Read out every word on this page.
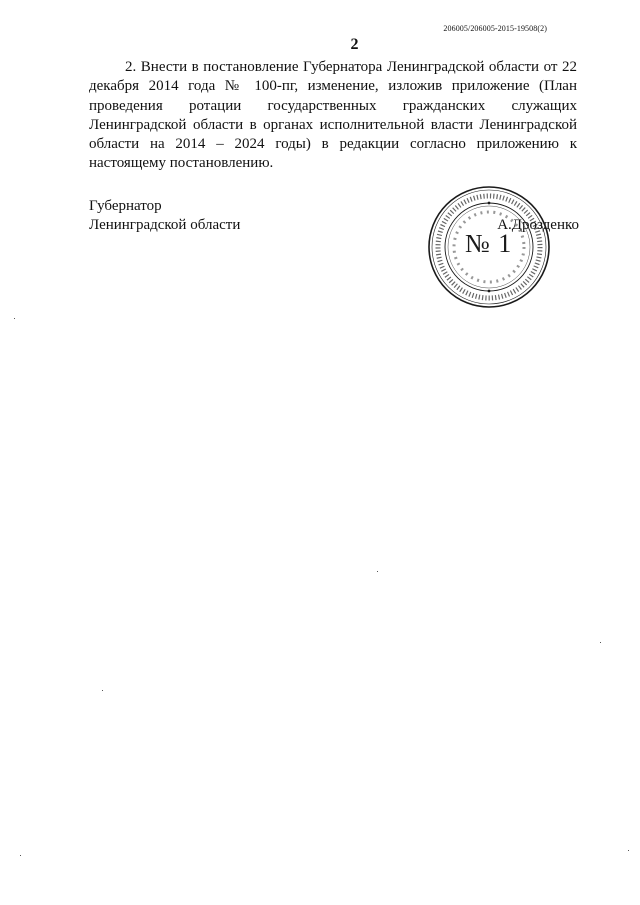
206005/206005-2015-19508(2)
2

2. Внести в постановление Губернатора Ленинградской области от 22 декабря 2014 года № 100-пг, изменение, изложив приложение (План проведения ротации государственных гражданских служащих Ленинградской области в органах исполнительной власти Ленинградской области на 2014 – 2024 годы) в редакции согласно приложению к настоящему постановлению.

Губернатор
Ленинградской области
№ 1
А.Дрозденко
